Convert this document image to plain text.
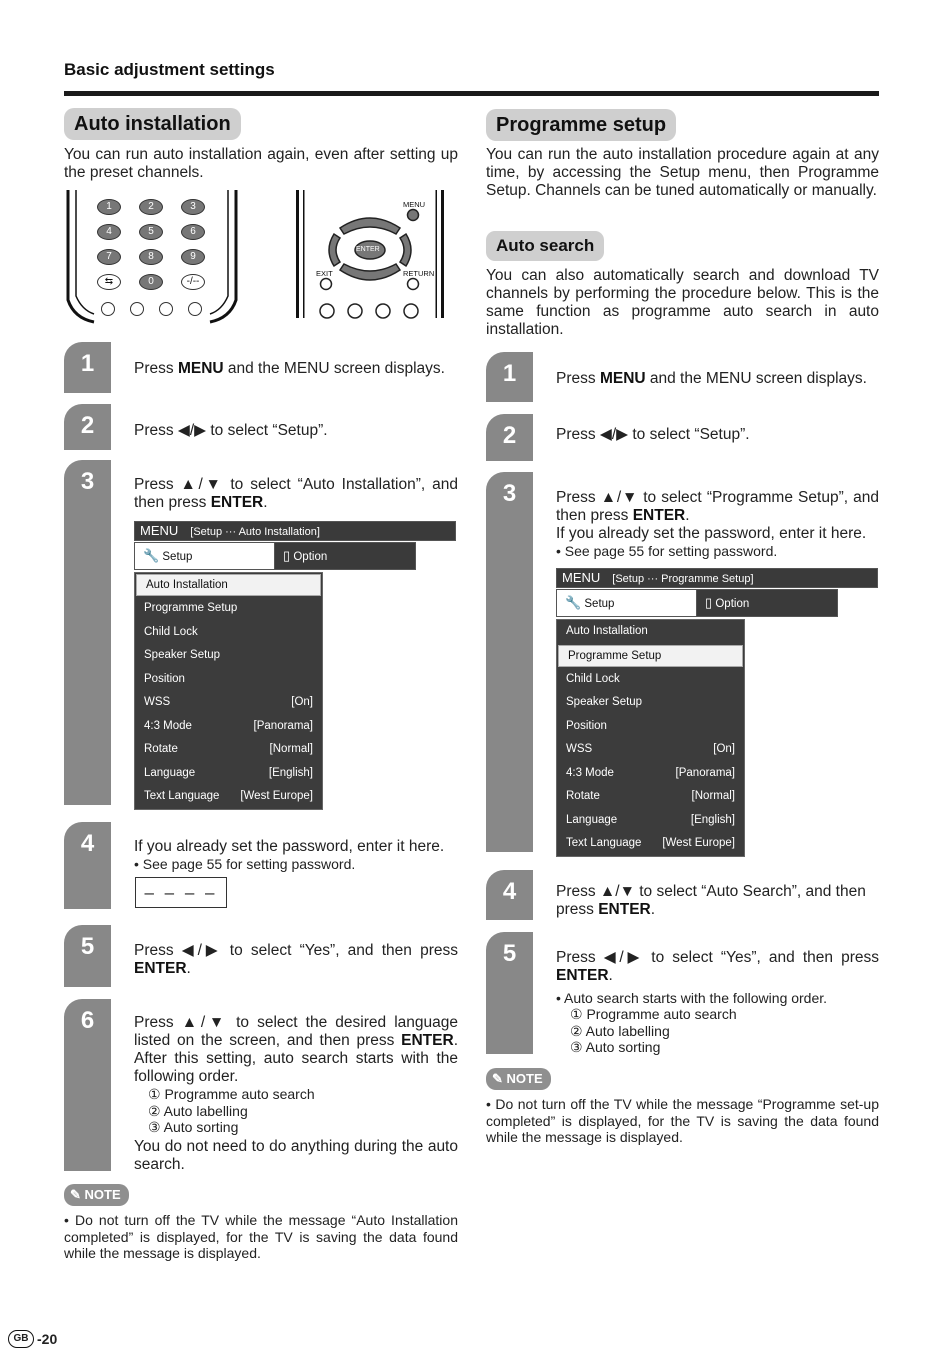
Basic adjustment settings
Auto installation
You can run auto installation again, even after setting up the preset channels.
1	2	3
4	5	6
7	8	9
⇆	0	-/--
MENU
ENTER
EXIT	RETURN
1	Press MENU and the MENU screen displays.
2	Press ◀/▶ to select “Setup”.
3	Press ▲/▼ to select “Auto Installation”, and then press ENTER.
MENU [Setup ··· Auto Installation]
🔧 Setup	▯ Option
Auto Installation
Programme Setup
Child Lock
Speaker Setup
Position
WSS	[On]
4:3 Mode	[Panorama]
Rotate	[Normal]
Language	[English]
Text Language [West Europe]
4	If you already set the password, enter it here.
• See page 55 for setting password.
– – – –
5	Press ◀/▶ to select “Yes”, and then press ENTER.
6	Press ▲/▼ to select the desired language listed on the screen, and then press ENTER. After this setting, auto search starts with the following order.
① Programme auto search
② Auto labelling
③ Auto sorting
You do not need to do anything during the auto search.
✎ NOTE
• Do not turn off the TV while the message “Auto Installation completed” is displayed, for the TV is saving the data found while the message is displayed.
Programme setup
You can run the auto installation procedure again at any time, by accessing the Setup menu, then Programme Setup. Channels can be tuned automatically or manually.
Auto search
You can also automatically search and download TV channels by performing the procedure below. This is the same function as programme auto search in auto installation.
1	Press MENU and the MENU screen displays.
2	Press ◀/▶ to select “Setup”.
3	Press ▲/▼ to select “Programme Setup”, and then press ENTER.
If you already set the password, enter it here.
• See page 55 for setting password.
MENU [Setup ··· Programme Setup]
🔧 Setup	▯ Option
Auto Installation
Programme Setup
Child Lock
Speaker Setup
Position
WSS	[On]
4:3 Mode	[Panorama]
Rotate	[Normal]
Language	[English]
Text Language [West Europe]
4	Press ▲/▼ to select “Auto Search”, and then press ENTER.
5	Press ◀/▶ to select “Yes”, and then press ENTER.
• Auto search starts with the following order.
① Programme auto search
② Auto labelling
③ Auto sorting
✎ NOTE
• Do not turn off the TV while the message “Programme set-up completed” is displayed, for the TV is saving the data found while the message is displayed.
GB -20
